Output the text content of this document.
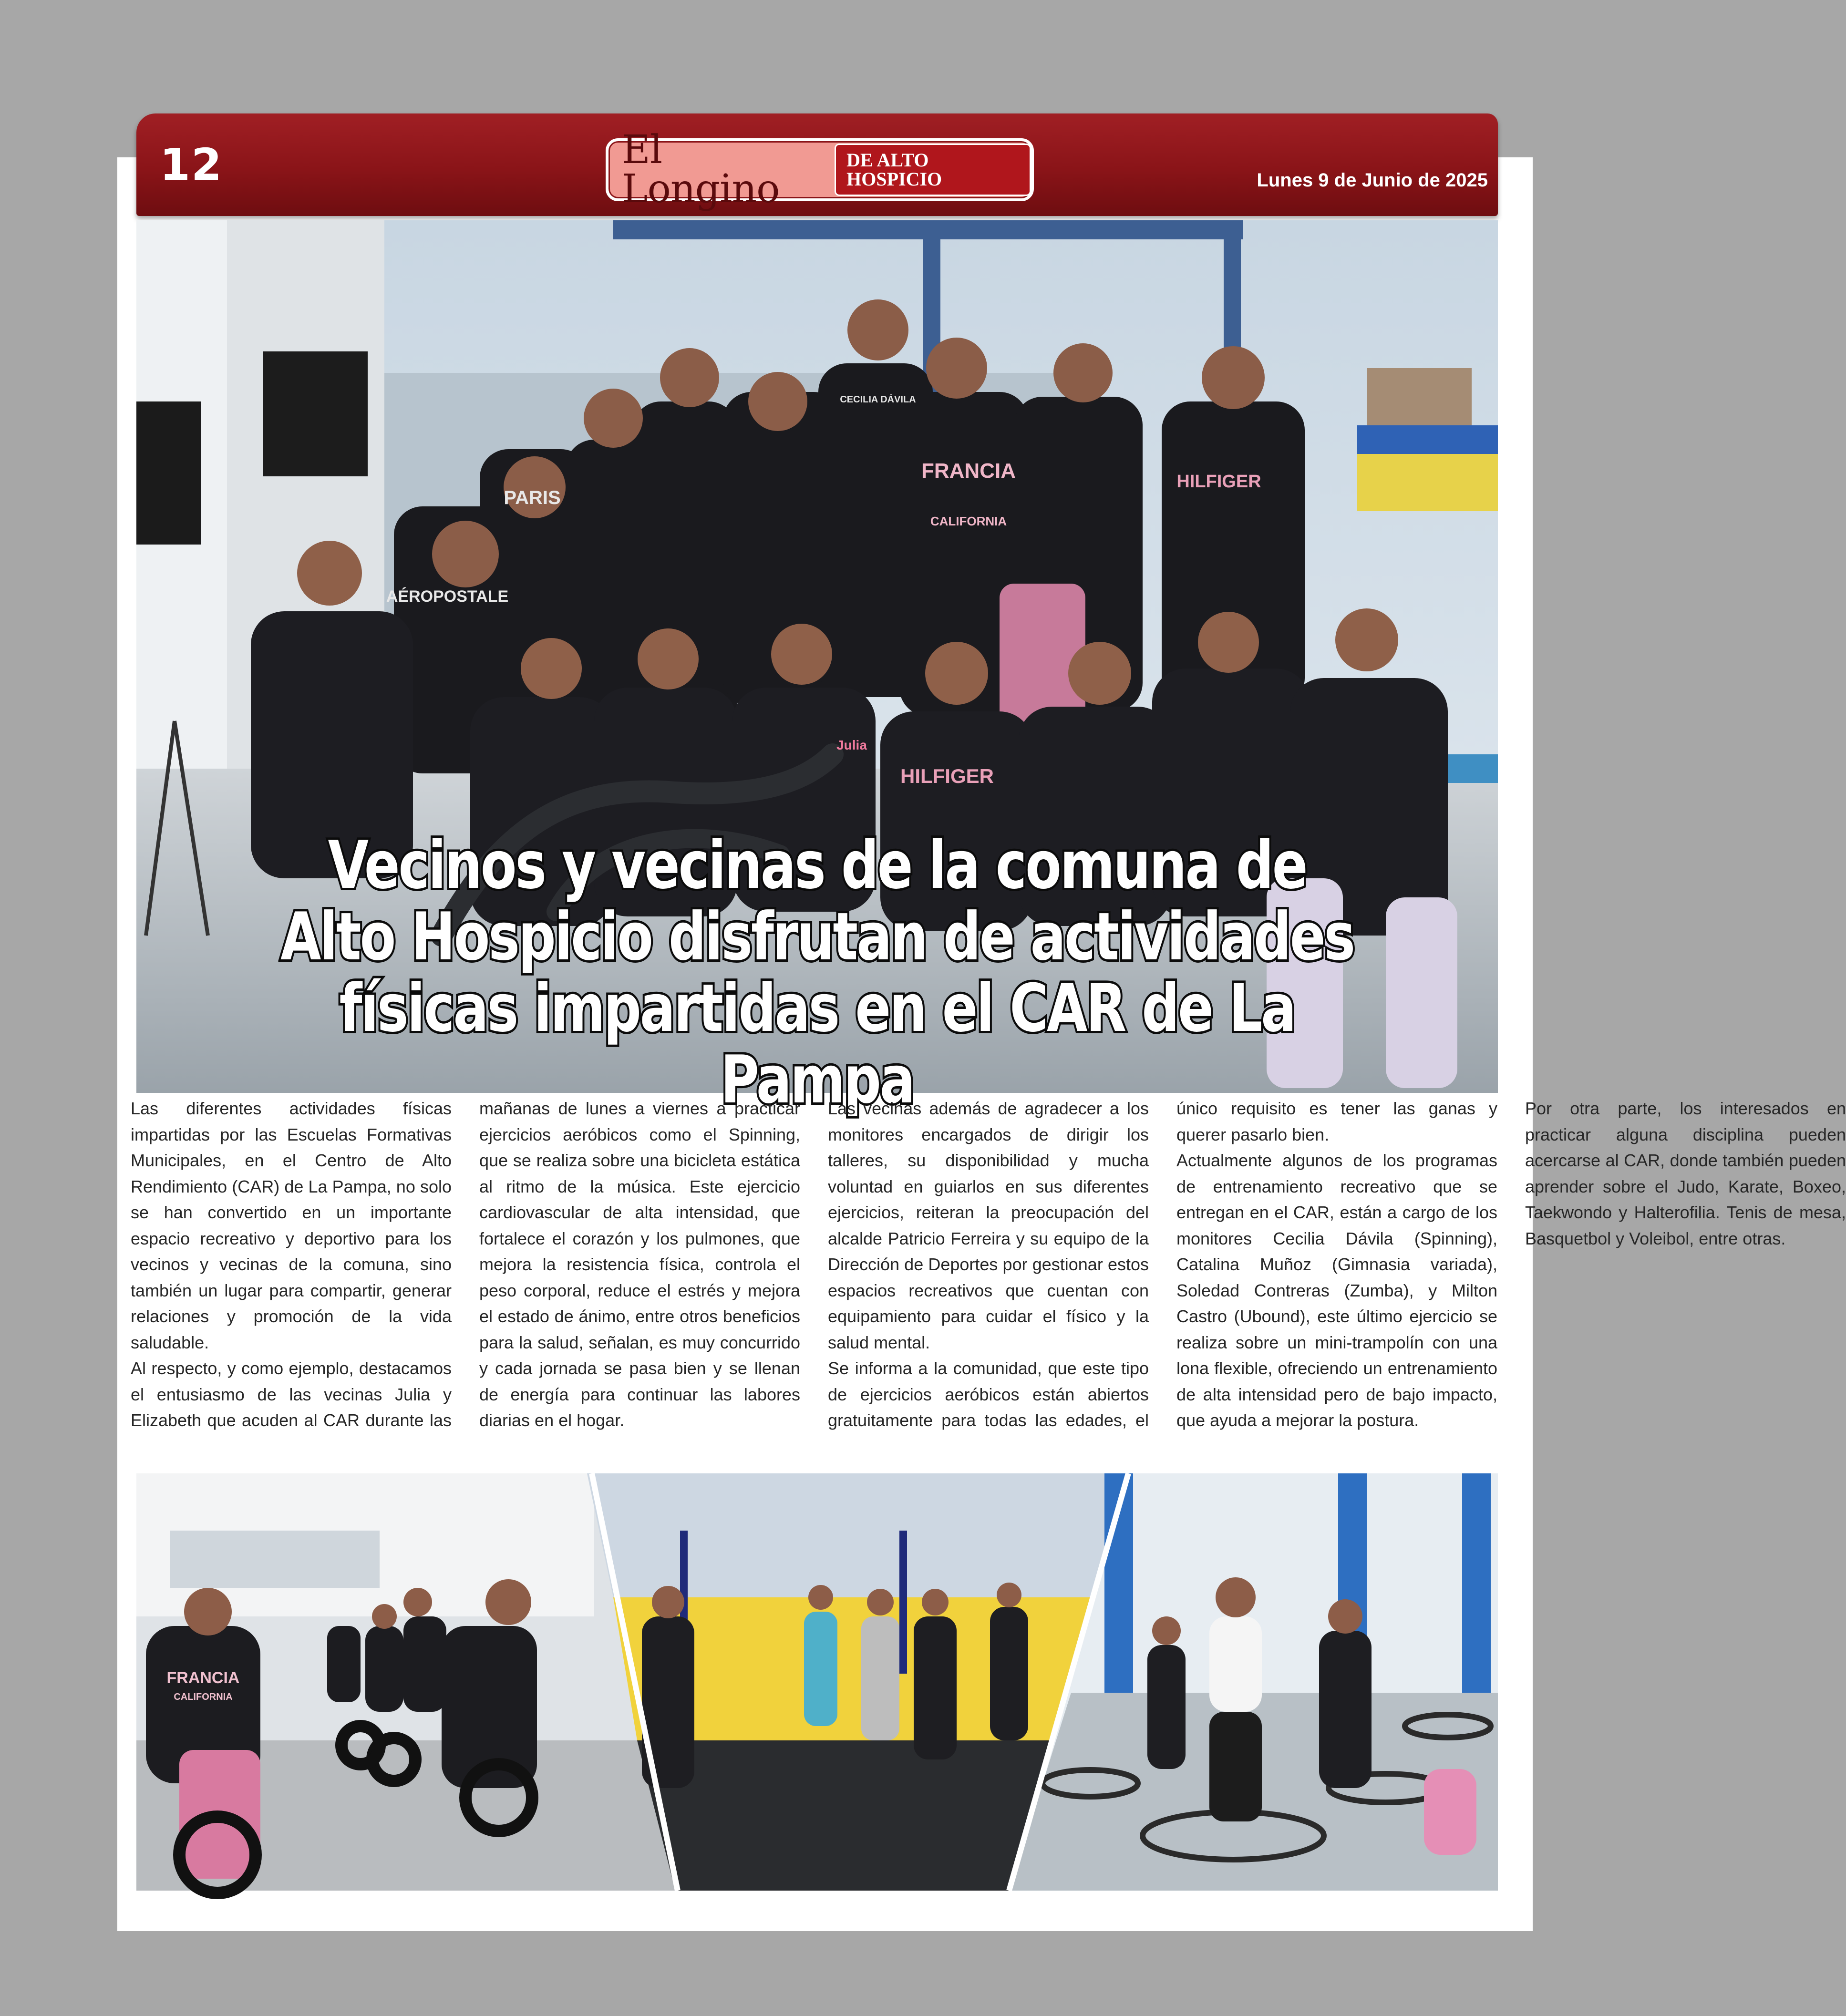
12	El Longino
DE ALTO HOSPICIO	Lunes 9 de Junio de 2025
AÉROPOSTALE
PARIS
FRANCIA
CALIFORNIA
HILFIGER
HILFIGER
CECILIA DÁVILA
Julia
Vecinos y vecinas de la comuna de Alto Hospicio disfrutan de actividades físicas impartidas en el CAR de La Pampa

Las diferentes actividades físicas impartidas por las Escuelas Formativas Municipales, en el Centro de Alto Rendimiento (CAR) de La Pampa, no solo se han convertido en un importante espacio recreativo y deportivo para los vecinos y vecinas de la comuna, sino también un lugar para compartir, generar relaciones y promoción de la vida saludable.

Al respecto, y como ejemplo, destacamos el entusiasmo de las vecinas Julia y Elizabeth que acuden al CAR durante las mañanas de lunes a viernes a practicar ejercicios aeróbicos como el Spinning, que se realiza sobre una bicicleta estática al ritmo de la música. Este ejercicio cardiovascular de alta intensidad, que fortalece el corazón y los pulmones, que mejora la resistencia física, controla el peso corporal, reduce el estrés y mejora el estado de ánimo, entre otros beneficios para la salud, señalan, es muy concurrido y cada jornada se pasa bien y se llenan de energía para continuar las labores diarias en el hogar.

Las vecinas además de agradecer a los monitores encargados de dirigir los talleres, su disponibilidad y mucha voluntad en guiarlos en sus diferentes ejercicios, reiteran la preocupación del alcalde Patricio Ferreira y su equipo de la Dirección de Deportes por gestionar estos espacios recreativos que cuentan con equipamiento para cuidar el físico y la salud mental.

Se informa a la comunidad, que este tipo de ejercicios aeróbicos están abiertos gratuitamente para todas las edades, el único requisito es tener las ganas y querer pasarlo bien.

Actualmente algunos de los programas de entrenamiento recreativo que se entregan en el CAR, están a cargo de los monitores Cecilia Dávila (Spinning), Catalina Muñoz (Gimnasia variada), Soledad Contreras (Zumba), y Milton Castro (Ubound), este último ejercicio se realiza sobre un mini-trampolín con una lona flexible, ofreciendo un entrenamiento de alta intensidad pero de bajo impacto, que ayuda a mejorar la postura.

Por otra parte, los interesados en practicar alguna disciplina pueden acercarse al CAR, donde también pueden aprender sobre el Judo, Karate, Boxeo, Taekwondo y Halterofilia. Tenis de mesa, Basquetbol y Voleibol, entre otras.

FRANCIA
CALIFORNIA
